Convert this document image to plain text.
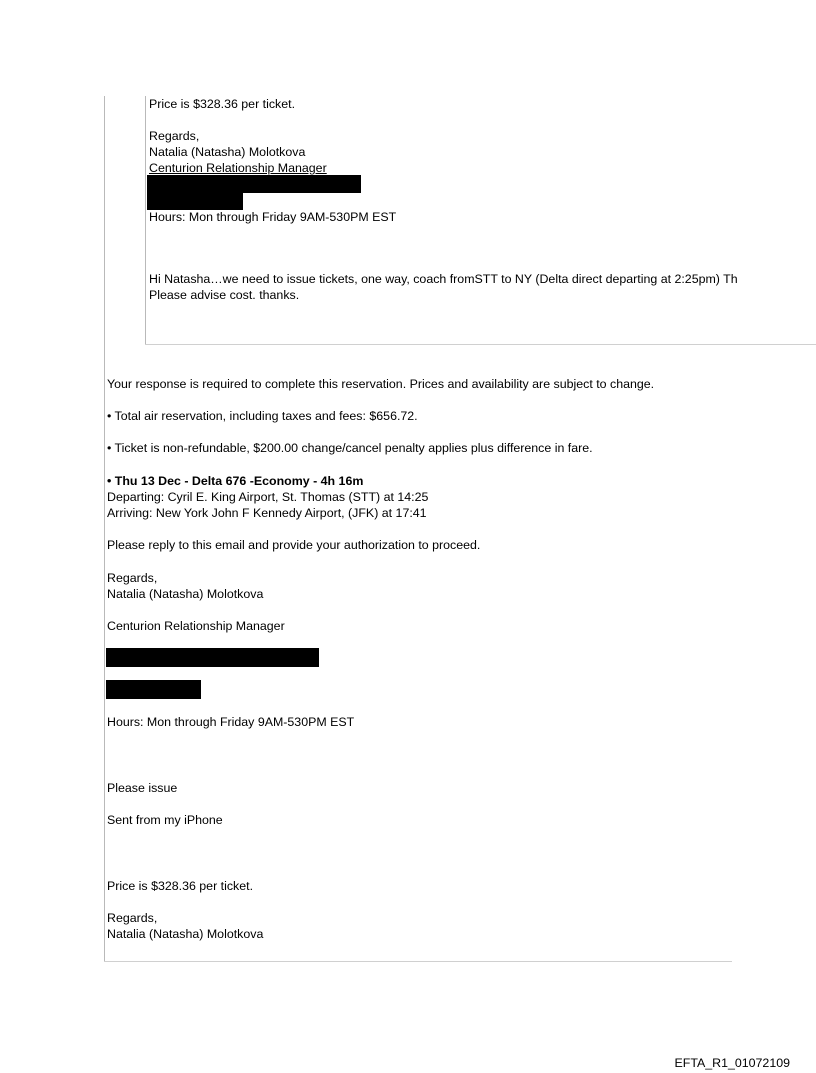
Price is $328.36 per ticket.
Regards,
Natalia (Natasha) Molotkova
Centurion Relationship Manager
Hours: Mon through Friday 9AM-530PM EST
Hi Natasha…we need to issue tickets, one way, coach fromSTT to NY (Delta direct departing at 2:25pm) Th
Please advise cost. thanks.
Your response is required to complete this reservation. Prices and availability are subject to change.
• Total air reservation, including taxes and fees: $656.72.
• Ticket is non-refundable, $200.00 change/cancel penalty applies plus difference in fare.
• Thu 13 Dec - Delta 676 -Economy - 4h 16m
Departing: Cyril E. King Airport, St. Thomas (STT) at 14:25
Arriving: New York John F Kennedy Airport, (JFK) at 17:41
Please reply to this email and provide your authorization to proceed.
Regards,
Natalia (Natasha) Molotkova
Centurion Relationship Manager
Hours: Mon through Friday 9AM-530PM EST
Please issue
Sent from my iPhone
Price is $328.36 per ticket.
Regards,
Natalia (Natasha) Molotkova
EFTA_R1_01072109
